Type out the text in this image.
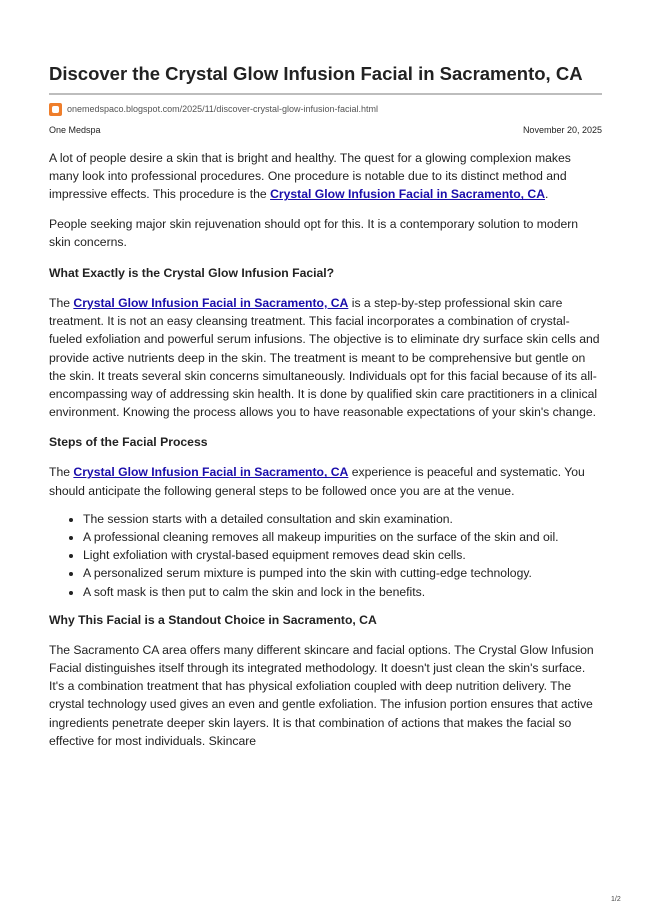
Discover the Crystal Glow Infusion Facial in Sacramento, CA
onemedspaco.blogspot.com/2025/11/discover-crystal-glow-infusion-facial.html
One Medspa	November 20, 2025

A lot of people desire a skin that is bright and healthy. The quest for a glowing complexion makes many look into professional procedures. One procedure is notable due to its distinct method and impressive effects. This procedure is the Crystal Glow Infusion Facial in Sacramento, CA.

People seeking major skin rejuvenation should opt for this. It is a contemporary solution to modern skin concerns.

What Exactly is the Crystal Glow Infusion Facial?

The Crystal Glow Infusion Facial in Sacramento, CA is a step-by-step professional skin care treatment. It is not an easy cleansing treatment. This facial incorporates a combination of crystal-fueled exfoliation and powerful serum infusions. The objective is to eliminate dry surface skin cells and provide active nutrients deep in the skin. The treatment is meant to be comprehensive but gentle on the skin. It treats several skin concerns simultaneously. Individuals opt for this facial because of its all-encompassing way of addressing skin health. It is done by qualified skin care practitioners in a clinical environment. Knowing the process allows you to have reasonable expectations of your skin's change.

Steps of the Facial Process

The Crystal Glow Infusion Facial in Sacramento, CA experience is peaceful and systematic. You should anticipate the following general steps to be followed once you are at the venue.

• The session starts with a detailed consultation and skin examination.
• A professional cleaning removes all makeup impurities on the surface of the skin and oil.
• Light exfoliation with crystal-based equipment removes dead skin cells.
• A personalized serum mixture is pumped into the skin with cutting-edge technology.
• A soft mask is then put to calm the skin and lock in the benefits.
Why This Facial is a Standout Choice in Sacramento, CA

The Sacramento CA area offers many different skincare and facial options. The Crystal Glow Infusion Facial distinguishes itself through its integrated methodology. It doesn't just clean the skin's surface. It's a combination treatment that has physical exfoliation coupled with deep nutrition delivery. The crystal technology used gives an even and gentle exfoliation. The infusion portion ensures that active ingredients penetrate deeper skin layers. It is that combination of actions that makes the facial so effective for most individuals. Skincare

1/2
